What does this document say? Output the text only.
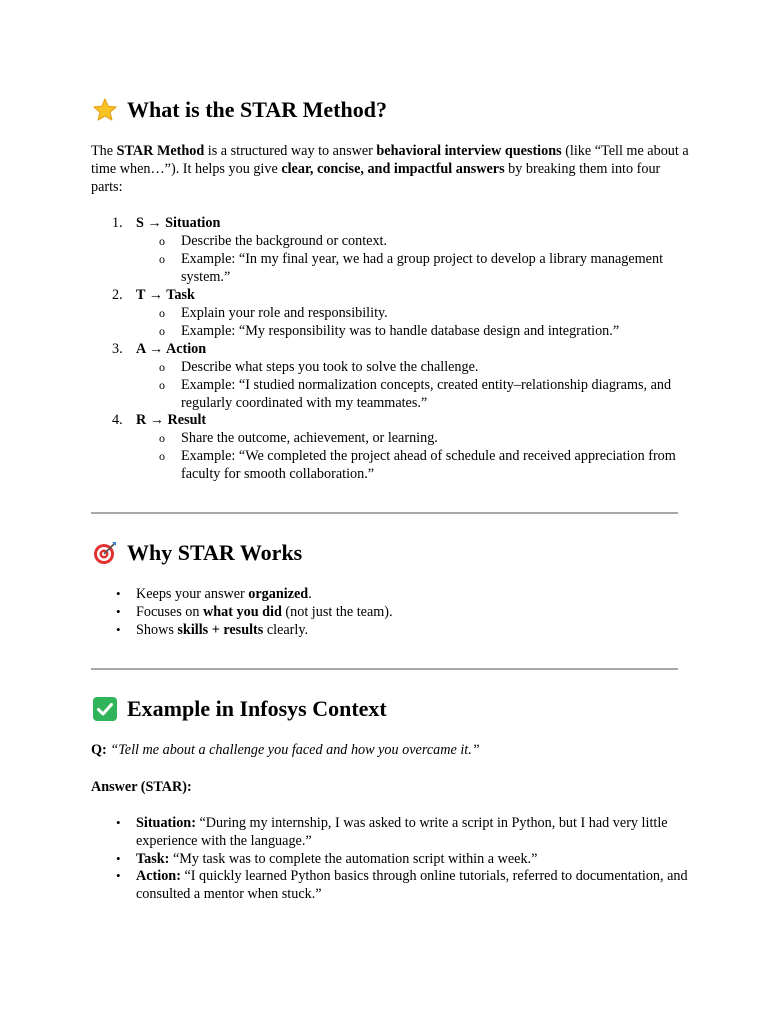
What is the STAR Method?
The STAR Method is a structured way to answer behavioral interview questions (like “Tell me about a time when…”). It helps you give clear, concise, and impactful answers by breaking them into four parts:
1. S → Situation
o	Describe the background or context.
o	Example: “In my final year, we had a group project to develop a library management system.”
2. T → Task
o	Explain your role and responsibility.
o	Example: “My responsibility was to handle database design and integration.”
3. A → Action
o	Describe what steps you took to solve the challenge.
o	Example: “I studied normalization concepts, created entity–relationship diagrams, and regularly coordinated with my teammates.”
4. R → Result
o	Share the outcome, achievement, or learning.
o	Example: “We completed the project ahead of schedule and received appreciation from faculty for smooth collaboration.”
Why STAR Works
• Keeps your answer organized.
• Focuses on what you did (not just the team).
• Shows skills + results clearly.
Example in Infosys Context
Q: “Tell me about a challenge you faced and how you overcame it.”
Answer (STAR):
• Situation: “During my internship, I was asked to write a script in Python, but I had very little experience with the language.”
• Task: “My task was to complete the automation script within a week.”
• Action: “I quickly learned Python basics through online tutorials, referred to documentation, and consulted a mentor when stuck.”
